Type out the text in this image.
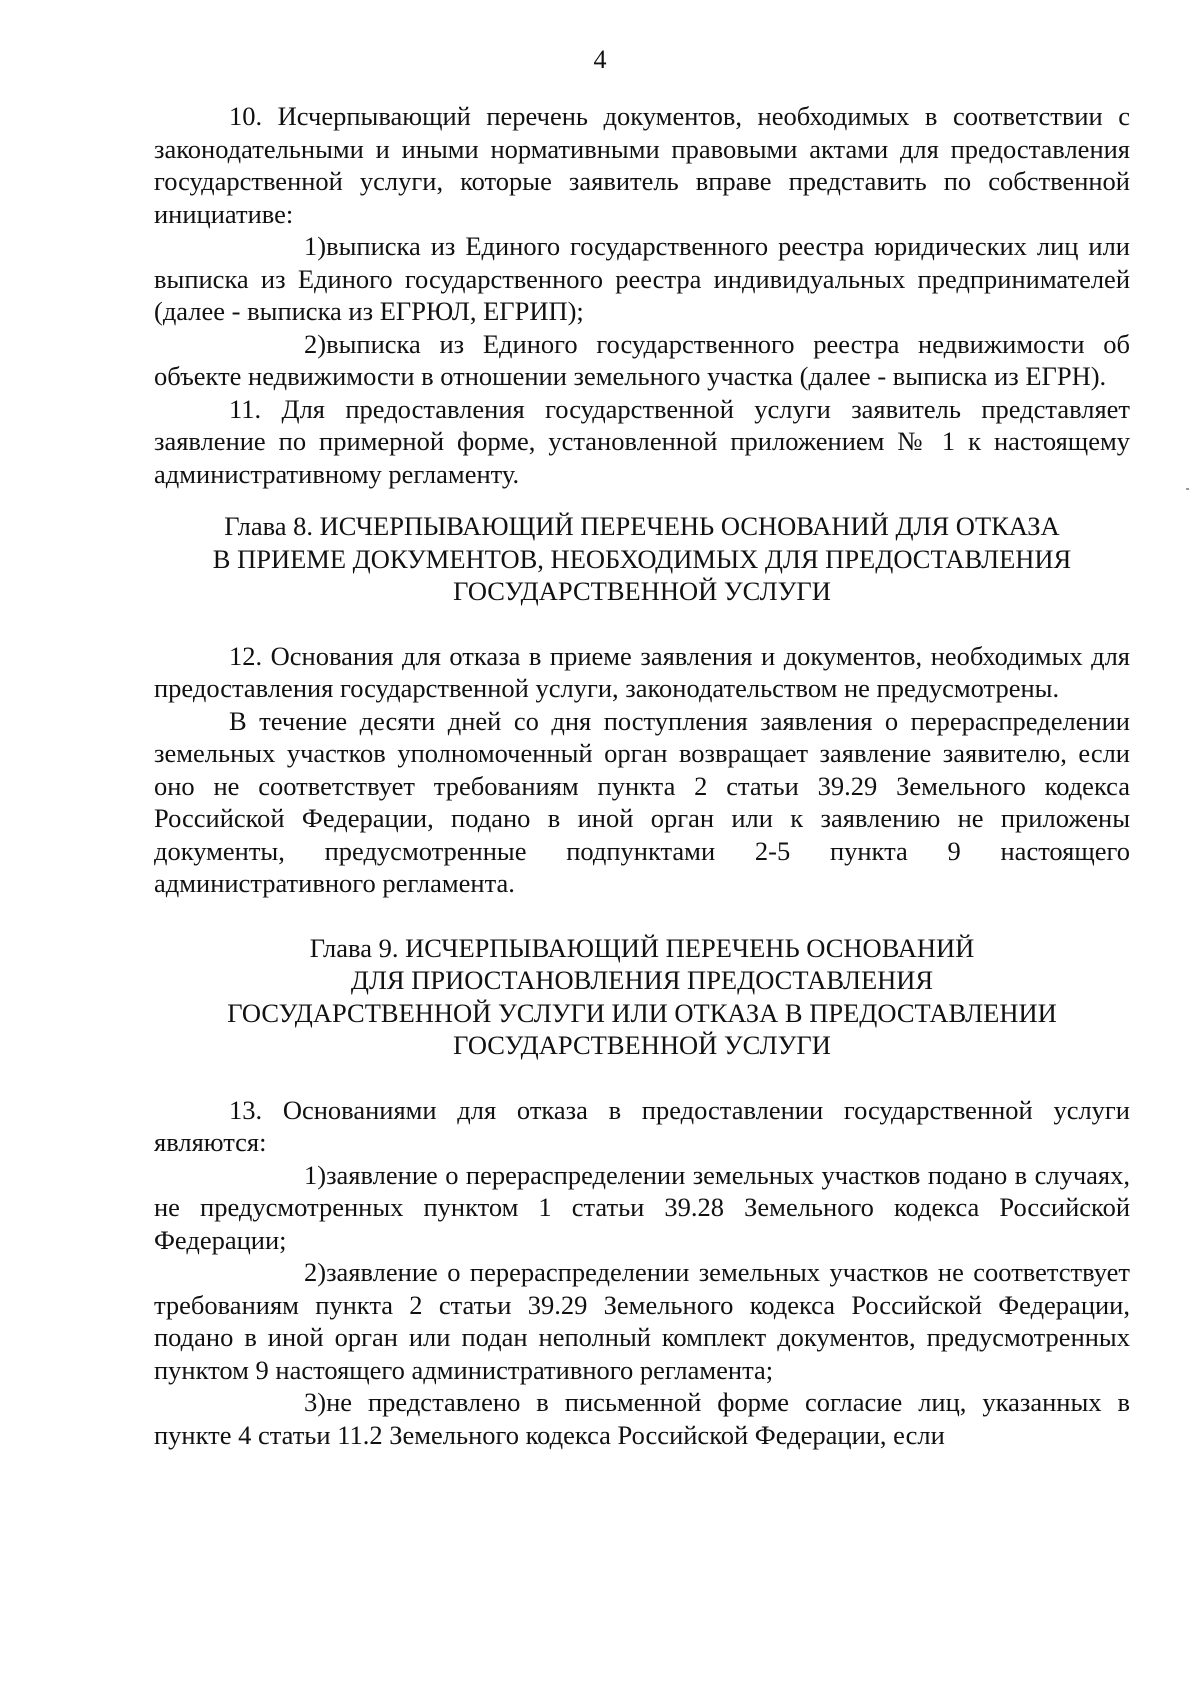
4

10. Исчерпывающий перечень документов, необходимых в соответствии с законодательными и иными нормативными правовыми актами для предоставления государственной услуги, которые заявитель вправе представить по собственной инициативе:

1)выписка из Единого государственного реестра юридических лиц или выписка из Единого государственного реестра индивидуальных предпринимателей (далее - выписка из ЕГРЮЛ, ЕГРИП);

2)выписка из Единого государственного реестра недвижимости об объекте недвижимости в отношении земельного участка (далее - выписка из ЕГРН).

11. Для предоставления государственной услуги заявитель представляет заявление по примерной форме, установленной приложением № 1 к настоящему административному регламенту.

Глава 8. ИСЧЕРПЫВАЮЩИЙ ПЕРЕЧЕНЬ ОСНОВАНИЙ ДЛЯ ОТКАЗА
В ПРИЕМЕ ДОКУМЕНТОВ, НЕОБХОДИМЫХ ДЛЯ ПРЕДОСТАВЛЕНИЯ
ГОСУДАРСТВЕННОЙ УСЛУГИ

12. Основания для отказа в приеме заявления и документов, необходимых для предоставления государственной услуги, законодательством не предусмотрены.

В течение десяти дней со дня поступления заявления о перераспределении земельных участков уполномоченный орган возвращает заявление заявителю, если оно не соответствует требованиям пункта 2 статьи 39.29 Земельного кодекса Российской Федерации, подано в иной орган или к заявлению не приложены документы, предусмотренные подпунктами 2-5 пункта 9 настоящего административного регламента.

Глава 9. ИСЧЕРПЫВАЮЩИЙ ПЕРЕЧЕНЬ ОСНОВАНИЙ
ДЛЯ ПРИОСТАНОВЛЕНИЯ ПРЕДОСТАВЛЕНИЯ
ГОСУДАРСТВЕННОЙ УСЛУГИ ИЛИ ОТКАЗА В ПРЕДОСТАВЛЕНИИ
ГОСУДАРСТВЕННОЙ УСЛУГИ

13. Основаниями для отказа в предоставлении государственной услуги являются:

1)заявление о перераспределении земельных участков подано в случаях, не предусмотренных пунктом 1 статьи 39.28 Земельного кодекса Российской Федерации;

2)заявление о перераспределении земельных участков не соответствует требованиям пункта 2 статьи 39.29 Земельного кодекса Российской Федерации, подано в иной орган или подан неполный комплект документов, предусмотренных пунктом 9 настоящего административного регламента;

3)не представлено в письменной форме согласие лиц, указанных в пункте 4 статьи 11.2 Земельного кодекса Российской Федерации, если
